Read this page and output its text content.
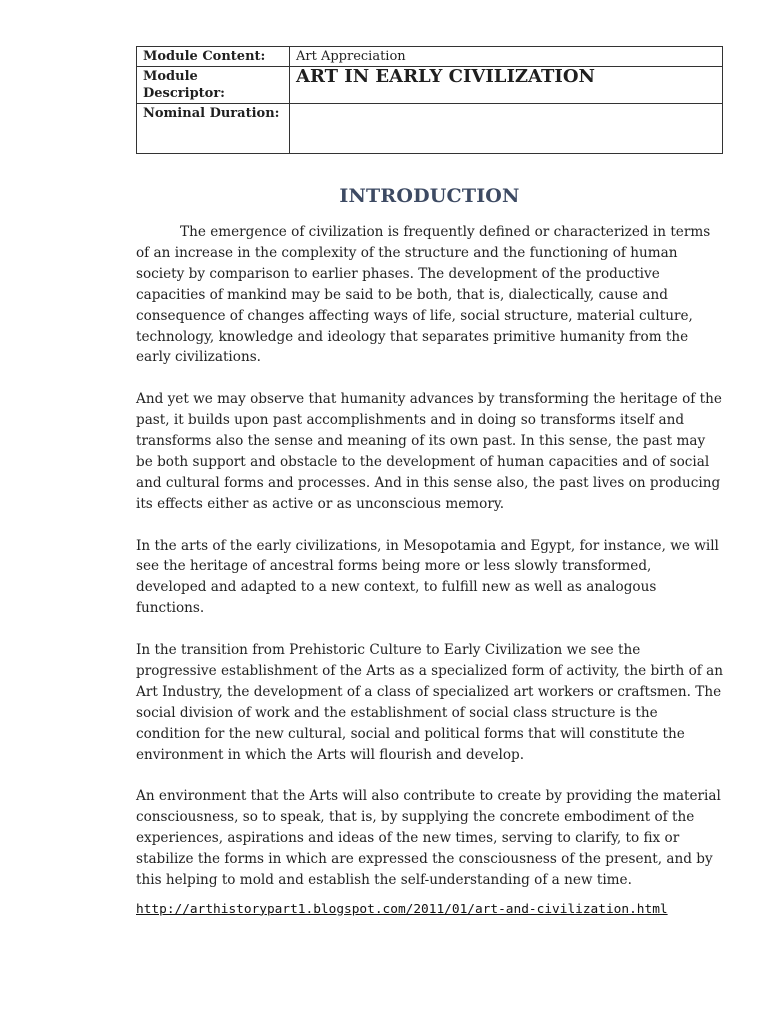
Module Content:	Art Appreciation
Module Descriptor:	ART IN EARLY CIVILIZATION
Nominal Duration:	
INTRODUCTION

The emergence of civilization is frequently defined or characterized in terms of an increase in the complexity of the structure and the functioning of human society by comparison to earlier phases. The development of the productive capacities of mankind may be said to be both, that is, dialectically, cause and consequence of changes affecting ways of life, social structure, material culture, technology, knowledge and ideology that separates primitive humanity from the early civilizations.

And yet we may observe that humanity advances by transforming the heritage of the past, it builds upon past accomplishments and in doing so transforms itself and transforms also the sense and meaning of its own past. In this sense, the past may be both support and obstacle to the development of human capacities and of social and cultural forms and processes. And in this sense also, the past lives on producing its effects either as active or as unconscious memory.

In the arts of the early civilizations, in Mesopotamia and Egypt, for instance, we will see the heritage of ancestral forms being more or less slowly transformed, developed and adapted to a new context, to fulfill new as well as analogous functions.

In the transition from Prehistoric Culture to Early Civilization we see the progressive establishment of the Arts as a specialized form of activity, the birth of an Art Industry, the development of a class of specialized art workers or craftsmen. The social division of work and the establishment of social class structure is the condition for the new cultural, social and political forms that will constitute the environment in which the Arts will flourish and develop.

An environment that the Arts will also contribute to create by providing the material consciousness, so to speak, that is, by supplying the concrete embodiment of the experiences, aspirations and ideas of the new times, serving to clarify, to fix or stabilize the forms in which are expressed the consciousness of the present, and by this helping to mold and establish the self-understanding of a new time.

http://arthistorypart1.blogspot.com/2011/01/art-and-civilization.html
